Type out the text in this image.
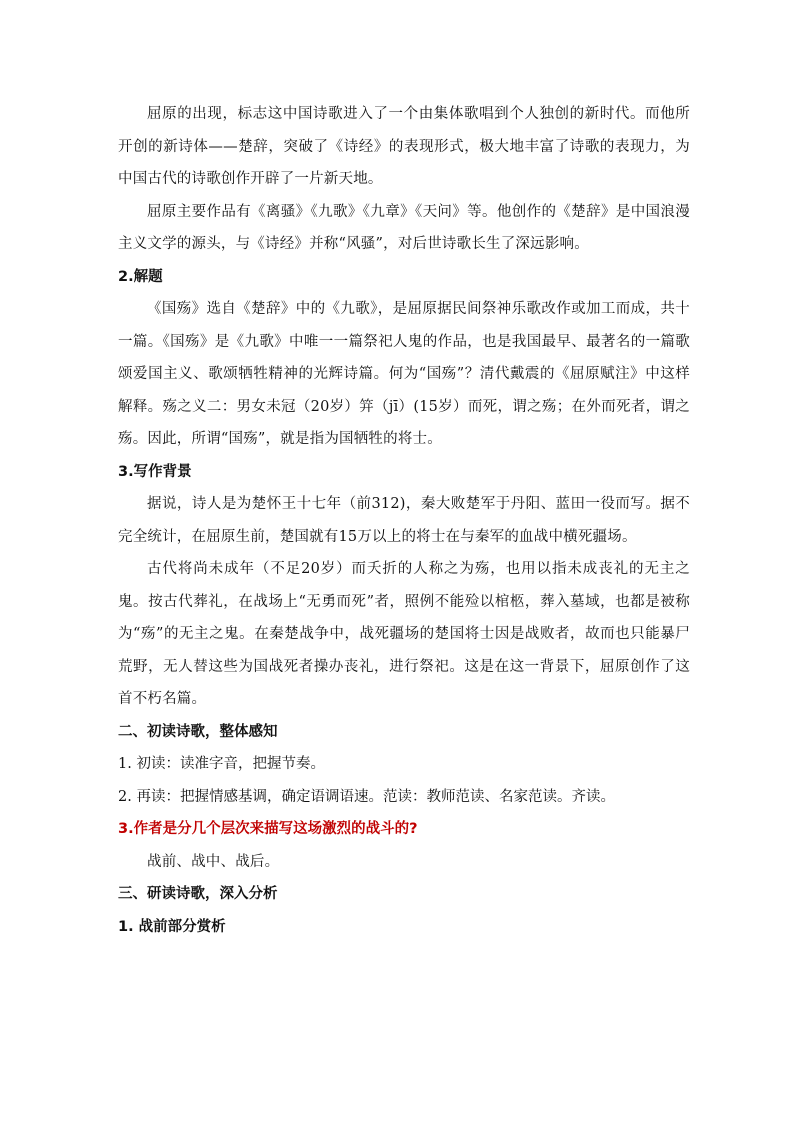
屈原的出现，标志这中国诗歌进入了一个由集体歌唱到个人独创的新时代。而他所开创的新诗体——楚辞，突破了《诗经》的表现形式，极大地丰富了诗歌的表现力，为中国古代的诗歌创作开辟了一片新天地。

屈原主要作品有《离骚》《九歌》《九章》《天问》等。他创作的《楚辞》是中国浪漫主义文学的源头，与《诗经》并称“风骚”，对后世诗歌长生了深远影响。

2.解题

《国殇》选自《楚辞》中的《九歌》，是屈原据民间祭神乐歌改作或加工而成，共十一篇。《国殇》是《九歌》中唯一一篇祭祀人鬼的作品，也是我国最早、最著名的一篇歌颂爱国主义、歌颂牺牲精神的光辉诗篇。何为“国殇”？清代戴震的《屈原赋注》中这样解释。殇之义二：男女未冠（20岁）笄（jī）(15岁）而死，谓之殇；在外而死者，谓之殇。因此，所谓“国殇”，就是指为国牺牲的将士。

3.写作背景

据说，诗人是为楚怀王十七年（前312)，秦大败楚军于丹阳、蓝田一役而写。据不完全统计，在屈原生前，楚国就有15万以上的将士在与秦军的血战中横死疆场。

古代将尚未成年（不足20岁）而夭折的人称之为殇，也用以指未成丧礼的无主之鬼。按古代葬礼，在战场上“无勇而死”者，照例不能殓以棺柩，葬入墓域，也都是被称为“殇”的无主之鬼。在秦楚战争中，战死疆场的楚国将士因是战败者，故而也只能暴尸荒野，无人替这些为国战死者操办丧礼，进行祭祀。这是在这一背景下，屈原创作了这首不朽名篇。

二、初读诗歌，整体感知

1. 初读：读准字音，把握节奏。

2. 再读：把握情感基调，确定语调语速。范读：教师范读、名家范读。齐读。

3.作者是分几个层次来描写这场激烈的战斗的?

战前、战中、战后。

三、研读诗歌，深入分析

1. 战前部分赏析
